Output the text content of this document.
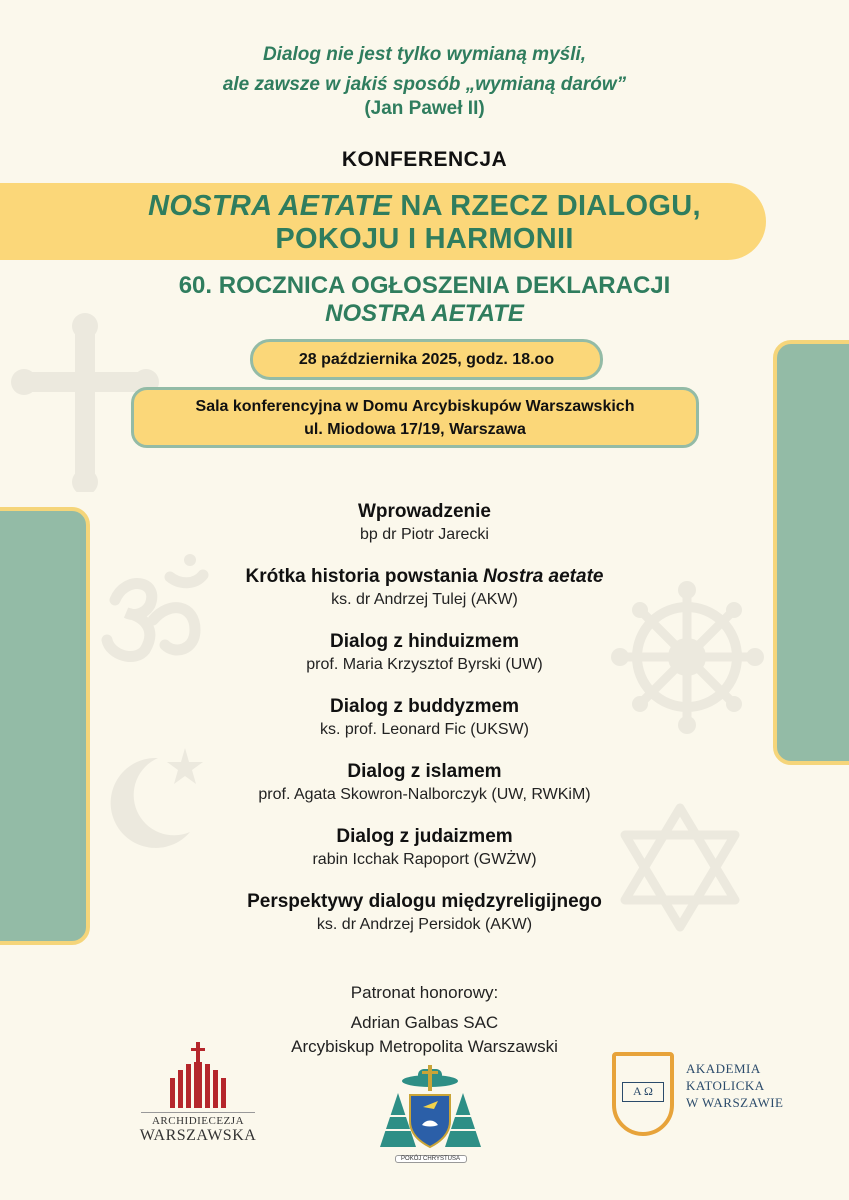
Dialog nie jest tylko wymianą myśli,
ale zawsze w jakiś sposób „wymianą darów”
(Jan Paweł II)
KONFERENCJA
NOSTRA AETATE NA RZECZ DIALOGU,
POKOJU I HARMONII
60. ROCZNICA OGŁOSZENIA DEKLARACJI
NOSTRA AETATE
28 października 2025, godz. 18.oo
Sala konferencyjna w Domu Arcybiskupów Warszawskich
ul. Miodowa 17/19, Warszawa
Wprowadzenie
bp dr Piotr Jarecki
Krótka historia powstania Nostra aetate
ks. dr Andrzej Tulej (AKW)
Dialog z hinduizmem
prof. Maria Krzysztof Byrski (UW)
Dialog z buddyzmem
ks. prof. Leonard Fic (UKSW)
Dialog z islamem
prof. Agata Skowron-Nalborczyk (UW, RWKiM)
Dialog z judaizmem
rabin Icchak Rapoport (GWŻW)
Perspektywy dialogu międzyreligijnego
ks. dr Andrzej Persidok (AKW)
Patronat honorowy:
Adrian Galbas SAC
Arcybiskup Metropolita Warszawski
ARCHIDIECEZJA
WARSZAWSKA
POKÓJ CHRYSTUSA
A Ω
AKADEMIA
KATOLICKA
W WARSZAWIE
